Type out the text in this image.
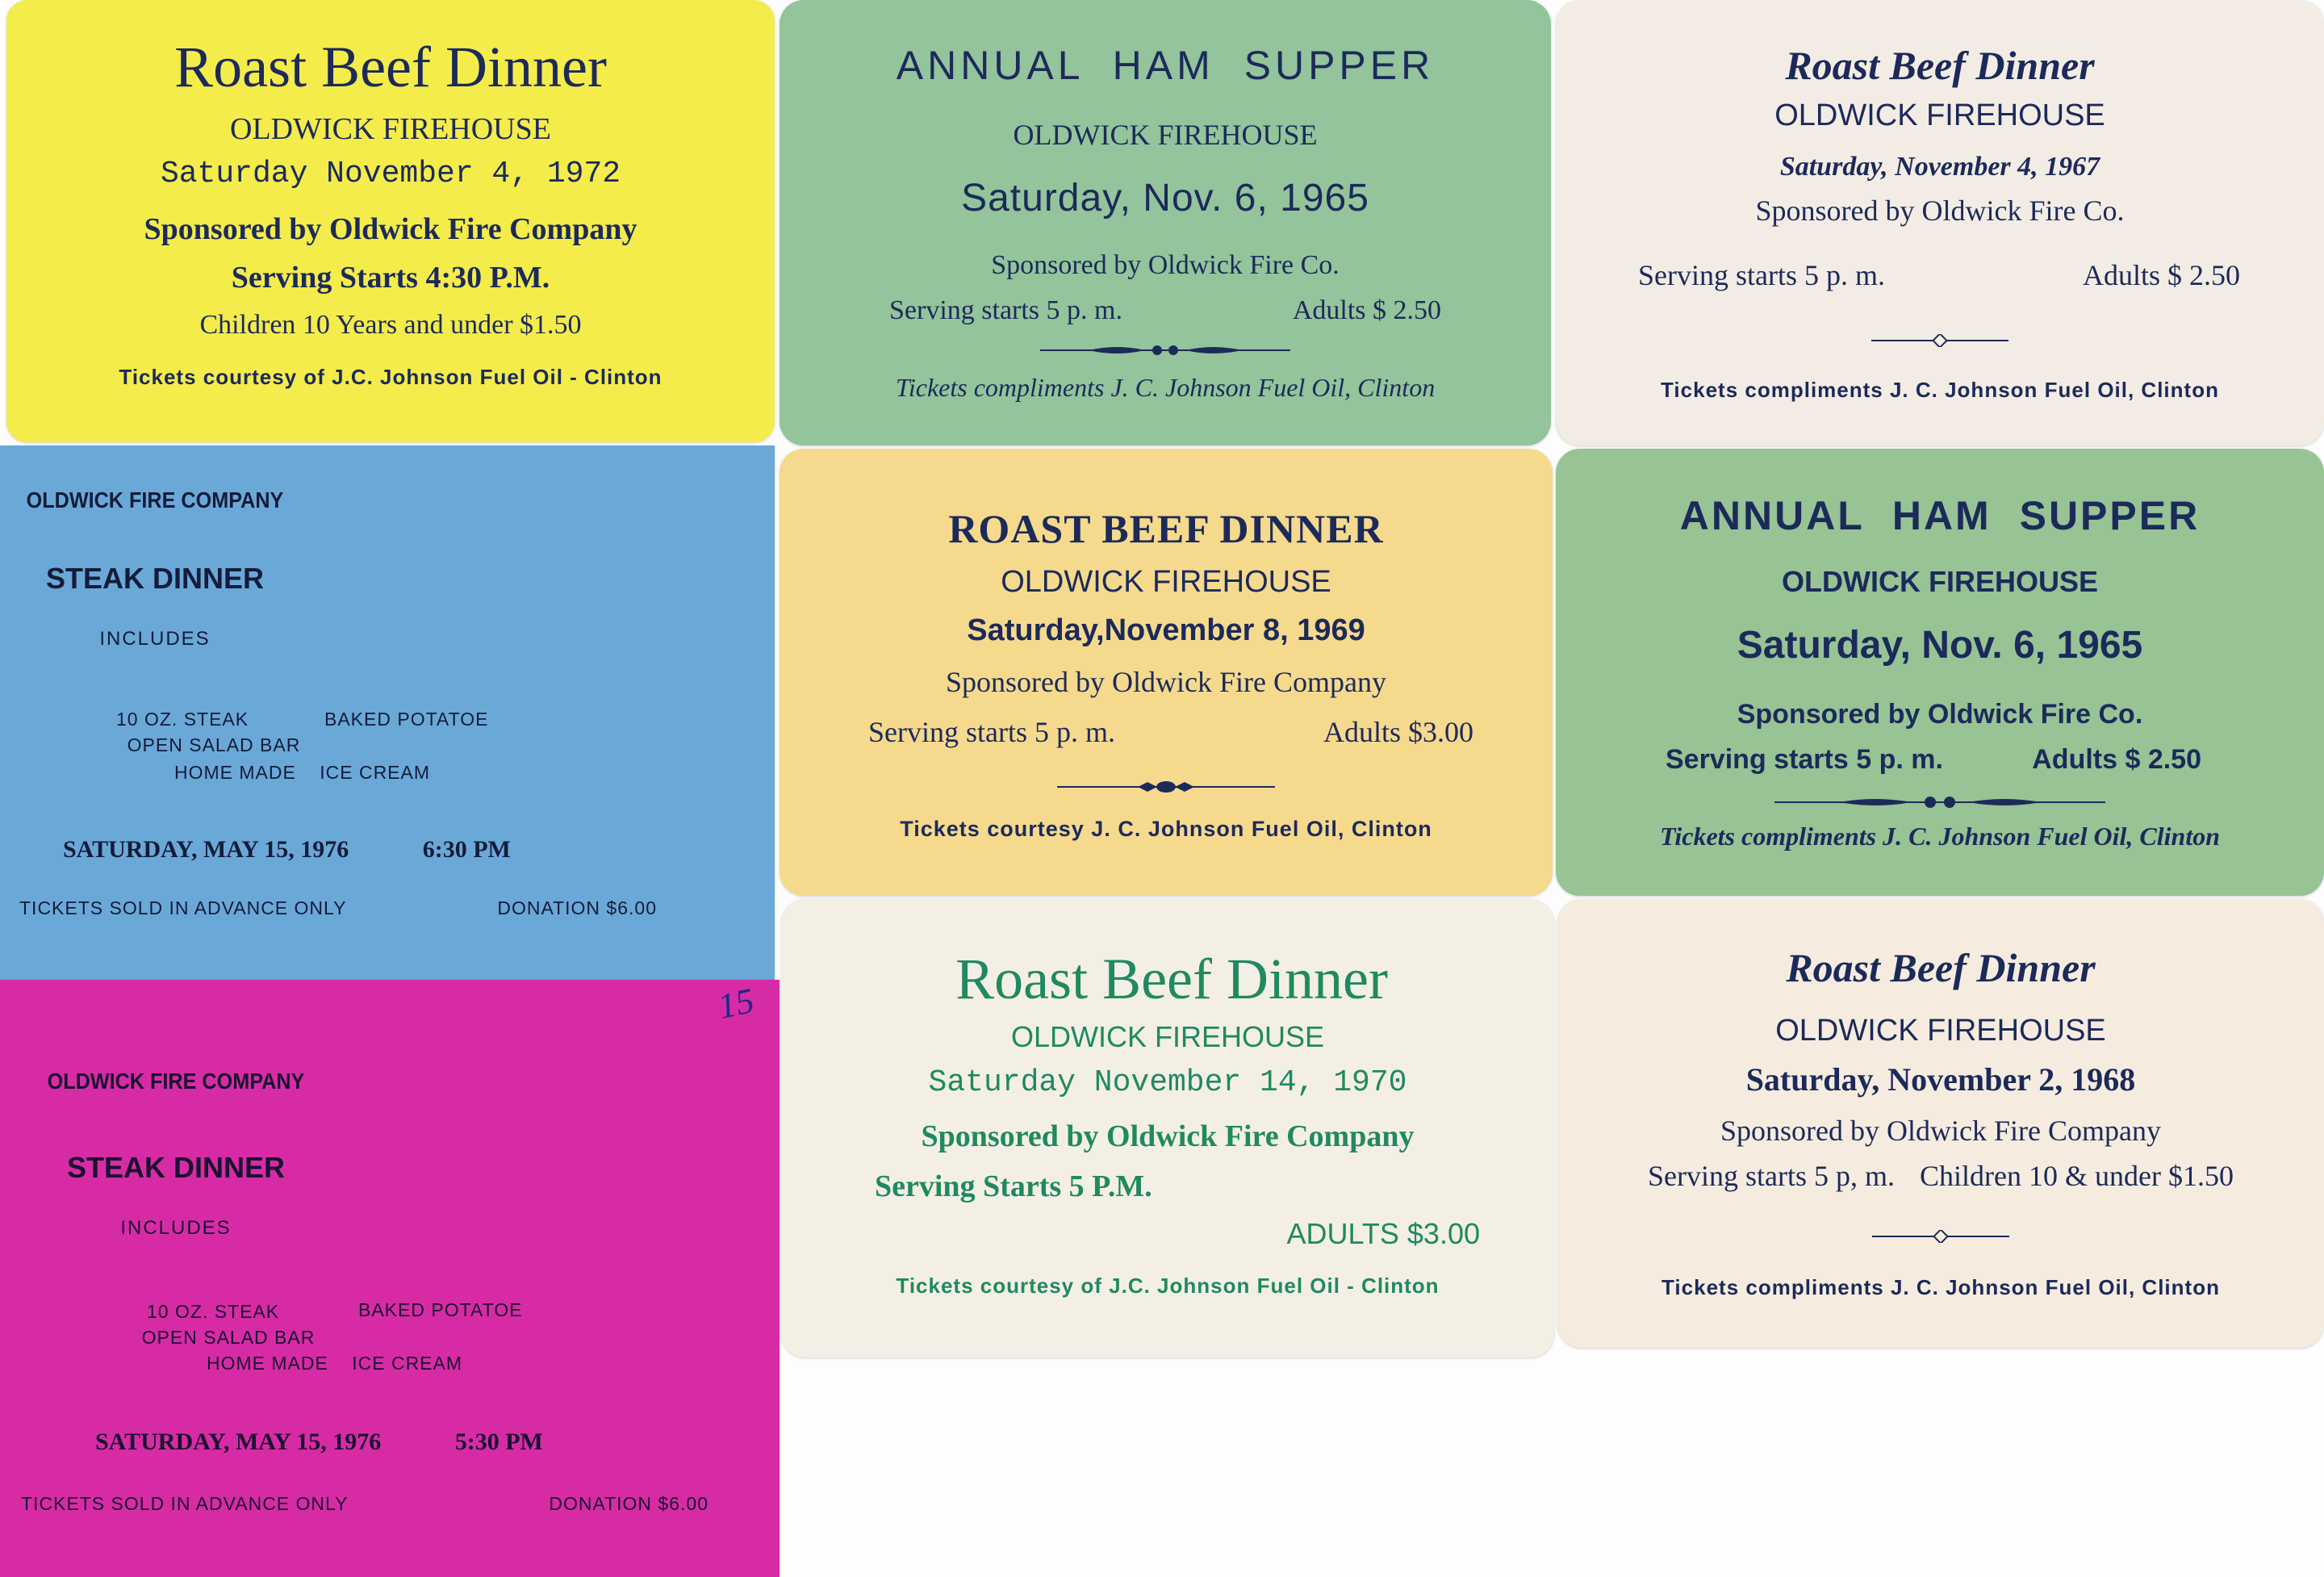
Roast Beef Dinner

OLDWICK FIREHOUSE

Saturday November 4, 1972

Sponsored by Oldwick Fire Company

Serving Starts 4:30 P.M.

Children 10 Years and under $1.50

Tickets courtesy of J.C. Johnson Fuel Oil - Clinton

ANNUAL HAM SUPPER

OLDWICK FIREHOUSE

Saturday, Nov. 6, 1965

Sponsored by Oldwick Fire Co.

Serving starts 5 p. m.	Adults $ 2.50

Tickets compliments J. C. Johnson Fuel Oil, Clinton

Roast Beef Dinner

OLDWICK FIREHOUSE

Saturday, November 4, 1967

Sponsored by Oldwick Fire Co.

Serving starts 5 p. m.	Adults $ 2.50

Tickets compliments J. C. Johnson Fuel Oil, Clinton

OLDWICK FIRE COMPANY

STEAK DINNER

INCLUDES

10 OZ. STEAK	BAKED POTATOE

OPEN SALAD BAR

HOME MADE ICE CREAM
SATURDAY, MAY 15, 1976	6:30 PM
TICKETS SOLD IN ADVANCE ONLY	DONATION $6.00

ROAST BEEF DINNER

OLDWICK FIREHOUSE

Saturday,November 8, 1969

Sponsored by Oldwick Fire Company

Serving starts 5 p. m.	Adults $3.00

Tickets courtesy J. C. Johnson Fuel Oil, Clinton

ANNUAL HAM SUPPER

OLDWICK FIREHOUSE

Saturday, Nov. 6, 1965

Sponsored by Oldwick Fire Co.

Serving starts 5 p. m.	Adults $ 2.50

Tickets compliments J. C. Johnson Fuel Oil, Clinton

15

OLDWICK FIRE COMPANY

STEAK DINNER

INCLUDES

10 OZ. STEAK	BAKED POTATOE

OPEN SALAD BAR

HOME MADE ICE CREAM
SATURDAY, MAY 15, 1976	5:30 PM
TICKETS SOLD IN ADVANCE ONLY	DONATION $6.00

Roast Beef Dinner

OLDWICK FIREHOUSE

Saturday November 14, 1970

Sponsored by Oldwick Fire Company

Serving Starts 5 P.M.

ADULTS $3.00

Tickets courtesy of J.C. Johnson Fuel Oil - Clinton

Roast Beef Dinner

OLDWICK FIREHOUSE

Saturday, November 2, 1968

Sponsored by Oldwick Fire Company

Serving starts 5 p, m. Children 10 & under $1.50

Tickets compliments J. C. Johnson Fuel Oil, Clinton
